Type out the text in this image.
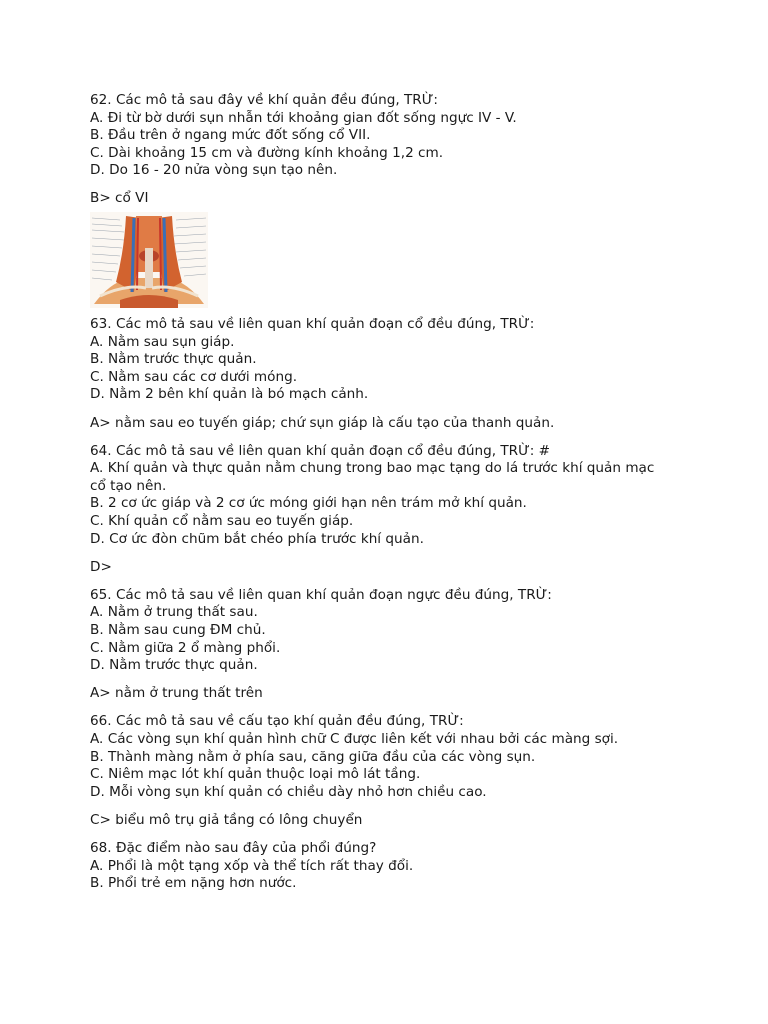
62. Các mô tả sau đây về khí quản đều đúng, TRỪ:
A. Đi từ bờ dưới sụn nhẫn tới khoảng gian đốt sống ngực IV - V.
B. Đầu trên ở ngang mức đốt sống cổ VII.
C. Dài khoảng 15 cm và đường kính khoảng 1,2 cm.
D. Do 16 - 20 nửa vòng sụn tạo nên.
B> cổ VI
63. Các mô tả sau về liên quan khí quản đoạn cổ đều đúng, TRỪ:
A. Nằm sau sụn giáp.
B. Nằm trước thực quản.
C. Nằm sau các cơ dưới móng.
D. Nằm 2 bên khí quản là bó mạch cảnh.
A> nằm sau eo tuyến giáp; chứ sụn giáp là cấu tạo của thanh quản.
64. Các mô tả sau về liên quan khí quản đoạn cổ đều đúng, TRỪ: #
A. Khí quản và thực quản nằm chung trong bao mạc tạng do lá trước khí quản mạc cổ tạo nên.
B. 2 cơ ức giáp và 2 cơ ức móng giới hạn nên trám mở khí quản.
C. Khí quản cổ nằm sau eo tuyến giáp.
D. Cơ ức đòn chũm bắt chéo phía trước khí quản.
D>
65. Các mô tả sau về liên quan khí quản đoạn ngực đều đúng, TRỪ:
A. Nằm ở trung thất sau.
B. Nằm sau cung ĐM chủ.
C. Nằm giữa 2 ổ màng phổi.
D. Nằm trước thực quản.
A> nằm ở trung thất trên
66. Các mô tả sau về cấu tạo khí quản đều đúng, TRỪ:
A. Các vòng sụn khí quản hình chữ C được liên kết với nhau bởi các màng sợi.
B. Thành màng nằm ở phía sau, căng giữa đầu của các vòng sụn.
C. Niêm mạc lót khí quản thuộc loại mô lát tầng.
D. Mỗi vòng sụn khí quản có chiều dày nhỏ hơn chiều cao.
C> biểu mô trụ giả tầng có lông chuyển
68. Đặc điểm nào sau đây của phổi đúng?
A. Phổi là một tạng xốp và thể tích rất thay đổi.
B. Phổi trẻ em nặng hơn nước.
